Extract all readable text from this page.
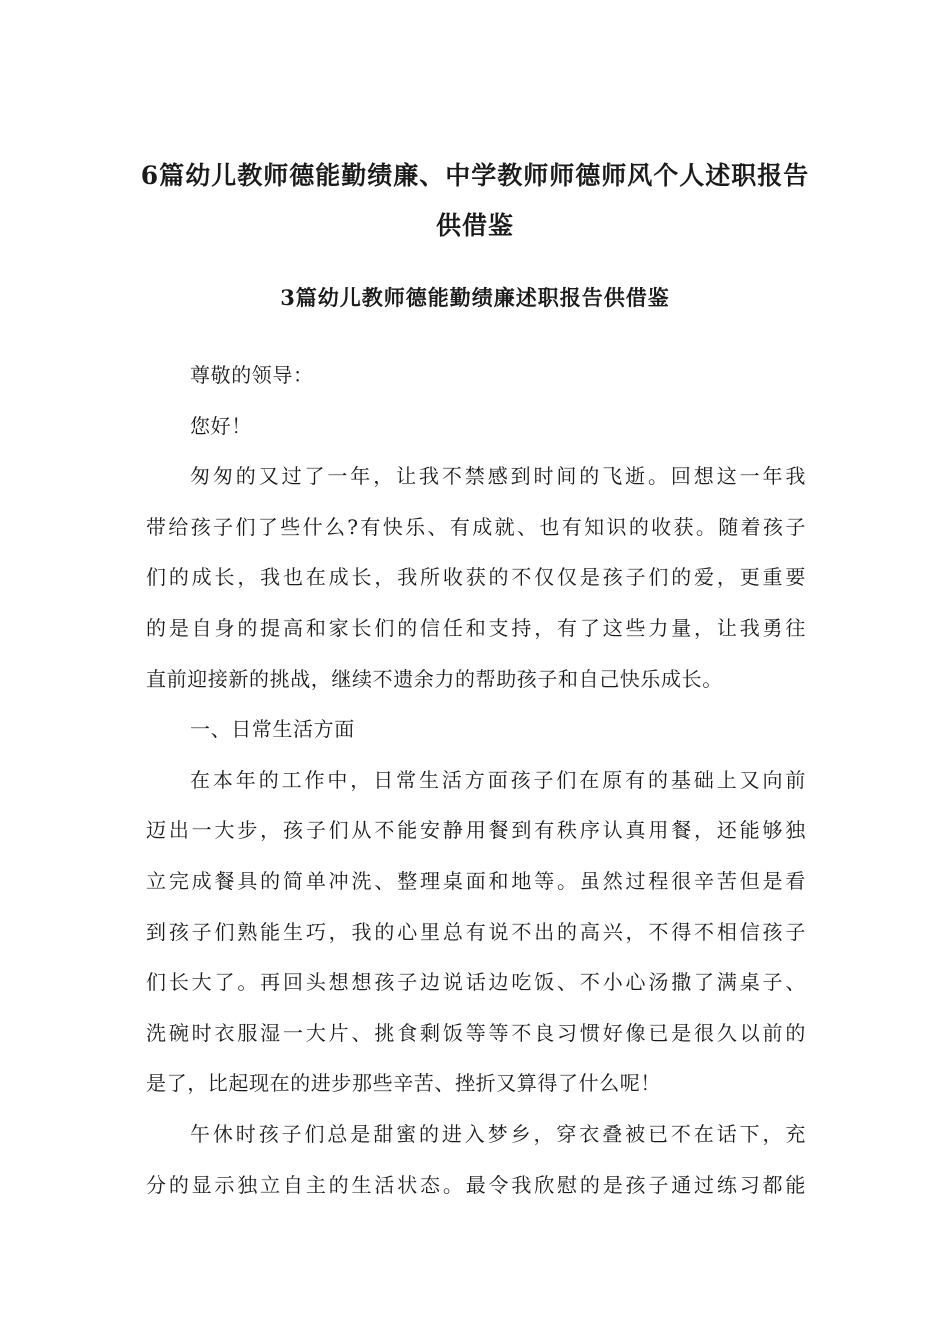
6篇幼儿教师德能勤绩廉、中学教师师德师风个人述职报告
供借鉴
3篇幼儿教师德能勤绩廉述职报告供借鉴
尊敬的领导：
您好！
匆匆的又过了一年，让我不禁感到时间的飞逝。回想这一年我
带给孩子们了些什么?有快乐、有成就、也有知识的收获。随着孩子
们的成长，我也在成长，我所收获的不仅仅是孩子们的爱，更重要
的是自身的提高和家长们的信任和支持，有了这些力量，让我勇往
直前迎接新的挑战，继续不遗余力的帮助孩子和自己快乐成长。
一、日常生活方面
在本年的工作中，日常生活方面孩子们在原有的基础上又向前
迈出一大步，孩子们从不能安静用餐到有秩序认真用餐，还能够独
立完成餐具的简单冲洗、整理桌面和地等。虽然过程很辛苦但是看
到孩子们熟能生巧，我的心里总有说不出的高兴，不得不相信孩子
们长大了。再回头想想孩子边说话边吃饭、不小心汤撒了满桌子、
洗碗时衣服湿一大片、挑食剩饭等等不良习惯好像已是很久以前的
是了，比起现在的进步那些辛苦、挫折又算得了什么呢！
午休时孩子们总是甜蜜的进入梦乡，穿衣叠被已不在话下，充
分的显示独立自主的生活状态。最令我欣慰的是孩子通过练习都能
